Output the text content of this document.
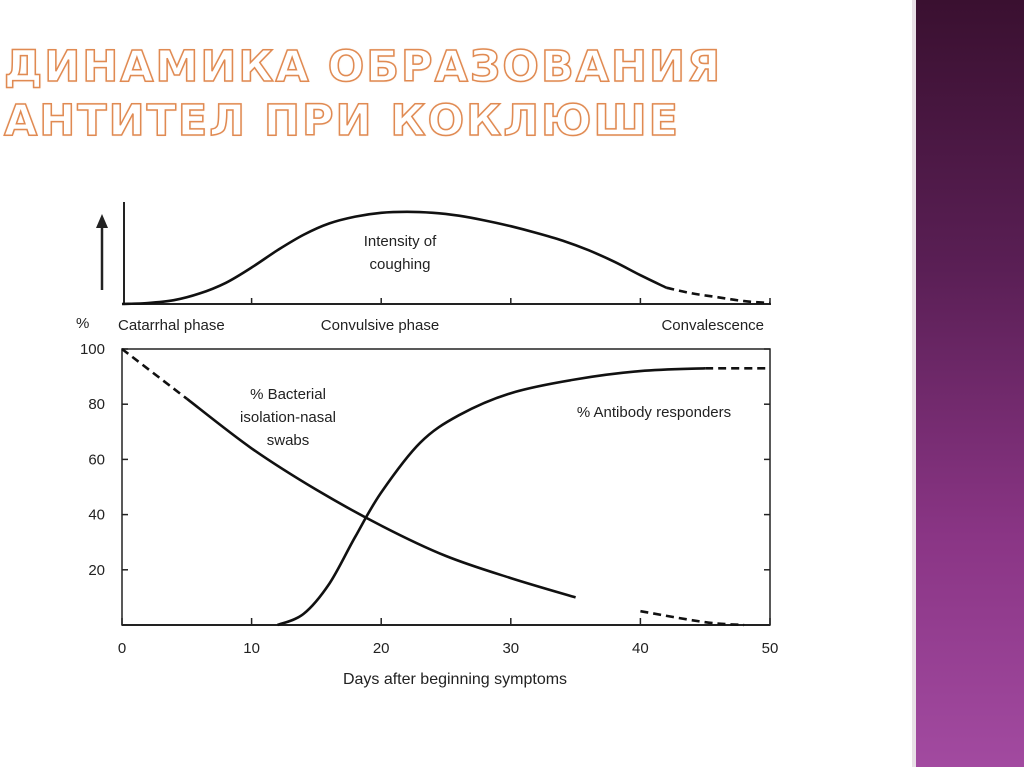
ДИНАМИКА ОБРАЗОВАНИЯ
АНТИТЕЛ ПРИ КОКЛЮШЕ
Intensity of coughing
Catarrhal phase	Convulsive phase	Convalescence
%
0	10	20	30	40	50
20
40
60
80
100
% Bacterial isolation-nasal swabs
% Antibody responders
Days after beginning symptoms
